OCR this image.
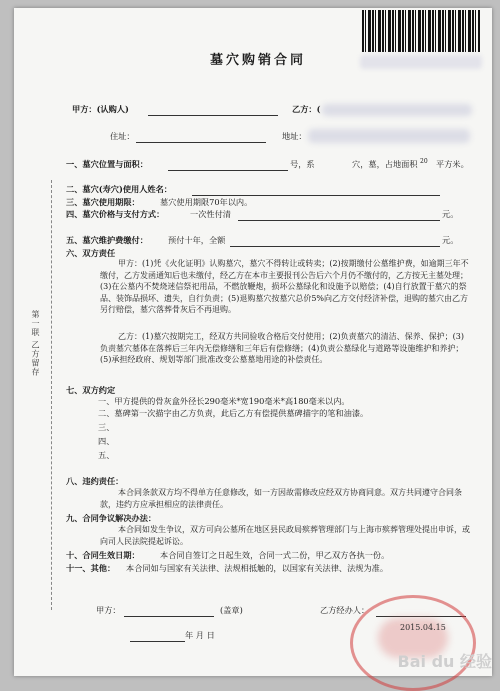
墓穴购销合同
甲方：(认购人)	乙方：(
住址：	地址：
一、墓穴位置与面积：	号，系	穴，墓，占地面积 20 平方米。
二、墓穴(寿穴)使用人姓名：
三、墓穴使用期限： 墓穴使用期限70年以内。
四、墓穴价格与支付方式：	一次性付清	元。
五、墓穴维护费缴付： 预付十年，全额	元。
六、双方责任
甲方：(1)凭《火化证明》认购墓穴，墓穴不得转让或转卖；(2)按期缴付公墓维护费，如逾期三年不缴付，乙方发函通知后也未缴付，经乙方在本市主要报刊公告后六个月仍不缴付的，乙方按无主墓处理；(3)在公墓内不焚烧迷信祭祀用品，不燃放鞭炮，损坏公墓绿化和设施予以赔偿；(4)自行放置于墓穴的祭品、装饰品损坏、遗失，自行负责；(5)退购墓穴按墓穴总价5%向乙方交付经济补偿，退购的墓穴由乙方另行赔偿，墓穴落葬骨灰后不再退购。
乙方：(1)墓穴按期完工，经双方共同验收合格后交付使用；(2)负责墓穴的清洁、保养、保护；(3)负责墓穴墓体在落葬后三年内无偿修缮和三年后有偿修缮；(4)负责公墓绿化与道路等设施维护和养护；(5)承担经政府、规划等部门批准改变公墓墓地用途的补偿责任。
七、双方约定
一、甲方提供的骨灰盒外径长290毫米*宽190毫米*高180毫米以内。
二、墓碑第一次描字由乙方负责，此后乙方有偿提供墓碑描字的笔和油漆。
三、
四、
五、
八、违约责任：
本合同条款双方均不得单方任意修改，如一方因故需修改应经双方协商同意。双方共同遵守合同条款，违约方应承担相应的法律责任。
九、合同争议解决办法：
本合同如发生争议，双方可向公墓所在地区县民政局殡葬管理部门与上海市殡葬管理处提出申诉，或向司人民法院提起诉讼。
十、合同生效日期： 本合同自签订之日起生效，合同一式二份，甲乙双方各执一份。
十一、其他： 本合同如与国家有关法律、法规相抵触的，以国家有关法律、法规为准。
甲方：	(盖章)	乙方经办人：
年 月 日
第一联 乙方留存
2015.04.15
Bai du 经验
